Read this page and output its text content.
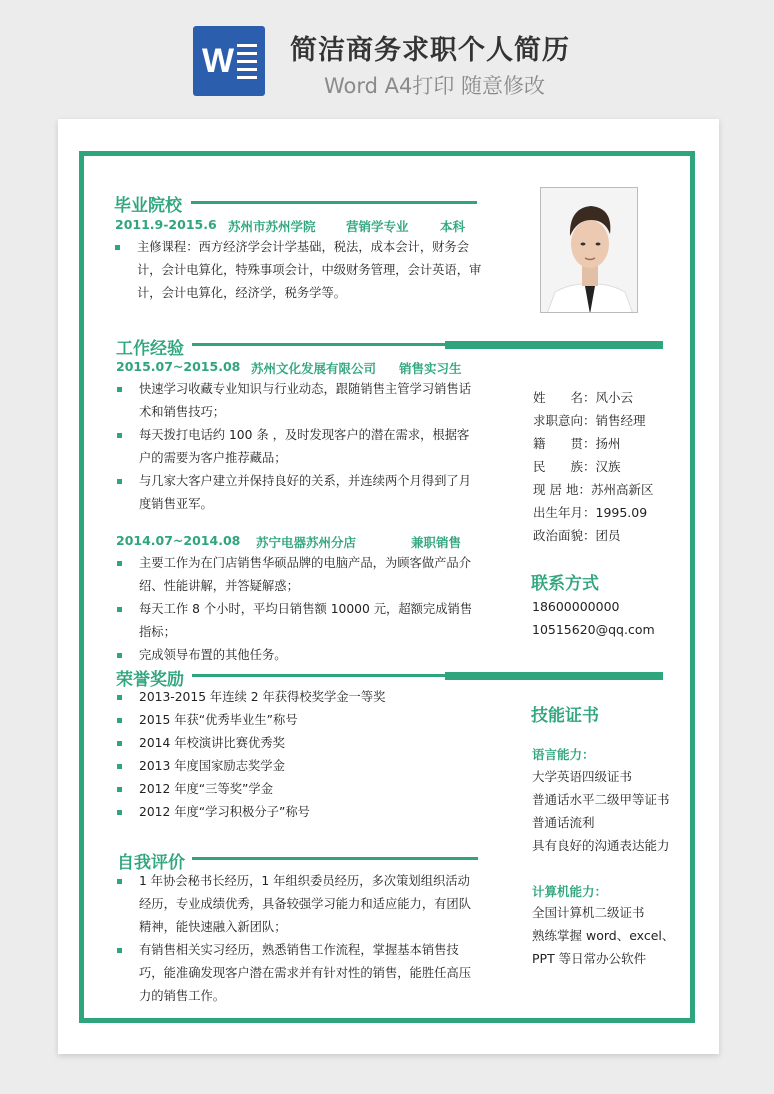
W 简洁商务求职个人简历
Word A4打印 随意修改
毕业院校
2011.9-2015.6 苏州市苏州学院 营销学专业	本科
主修课程：西方经济学会计学基础，税法，成本会计，财务会计，会计电算化，特殊事项会计，中级财务管理，会计英语，审计，会计电算化，经济学，税务学等。
工作经验
2015.07~2015.08 苏州文化发展有限公司 销售实习生
快速学习收藏专业知识与行业动态，跟随销售主管学习销售话术和销售技巧；
每天拨打电话约 100 条 ，及时发现客户的潜在需求，根据客户的需要为客户推荐藏品；
与几家大客户建立并保持良好的关系，并连续两个月得到了月度销售亚军。
2014.07~2014.08 苏宁电器苏州分店	兼职销售
主要工作为在门店销售华硕品牌的电脑产品，为顾客做产品介绍、性能讲解，并答疑解惑；
每天工作 8 个小时，平均日销售额 10000 元，超额完成销售指标；
完成领导布置的其他任务。
荣誉奖励
2013-2015 年连续 2 年获得校奖学金一等奖
2015 年获“优秀毕业生”称号
2014 年校演讲比赛优秀奖
2013 年度国家励志奖学金
2012 年度“三等奖”学金
2012 年度“学习积极分子”称号
自我评价
1 年协会秘书长经历，1 年组织委员经历，多次策划组织活动经历，专业成绩优秀，具备较强学习能力和适应能力，有团队精神，能快速融入新团队；
有销售相关实习经历，熟悉销售工作流程，掌握基本销售技巧，能准确发现客户潜在需求并有针对性的销售，能胜任高压力的销售工作。
姓　　名：风小云
求职意向：销售经理
籍　　贯：扬州
民　　族：汉族
现 居 地：苏州高新区
出生年月：1995.09
政治面貌：团员
联系方式
18600000000
10515620@qq.com
技能证书
语言能力：
大学英语四级证书
普通话水平二级甲等证书
普通话流利
具有良好的沟通表达能力
计算机能力：
全国计算机二级证书
熟练掌握 word、excel、
PPT 等日常办公软件
